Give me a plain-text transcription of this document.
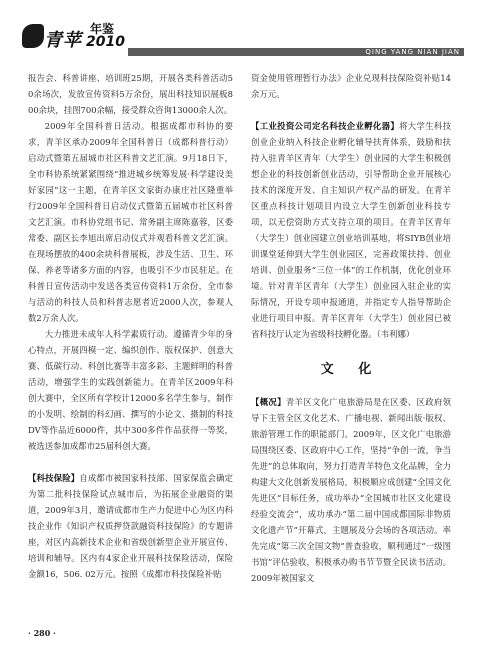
青苹
年鉴
2010
QING YANG NIAN JIAN

报告会、科普讲座、培训班25期，开展各类科普活动50余场次，发放宣传资料5万余份，展出科技知识展板800余块，挂图700余幅，接受群众咨询13000余人次。

2009年全国科普日活动。根据成都市科协的要求，青羊区承办2009年全国科普日（成都科普行动）启动式暨第五届城市社区科普文艺汇演。9月18日下，全市科协系统紧紧围绕“推进城乡统筹发展·科学建设美好家园”这一主题，在青羊区文家街办康庄社区隆重举行2009年全国科普日启动仪式暨第五届城市社区科普文艺汇演。市科协党组书记、常务副主席陈嘉蓉，区委常委、副区长李旭出席启动仪式并观看科普文艺汇演。在现场摆放的400余块科普展板，涉及生活、卫生、环保、养老等诸多方面的内容，也吸引不少市民驻足。在科普日宣传活动中发送各类宣传资料1万余份，全市参与活动的科技人员和科普志愿者近2000人次，参观人数2万余人次。

大力推进未成年人科学素质行动。遵循青少年的身心特点，开展四模一定、编织创作、版权保护、创意大赛、低碳行动、科创比赛等丰富多彩、主题鲜明的科普活动，增强学生的实践创新能力。在青羊区2009年科创大赛中，全区所有学校计12000多名学生参与，制作的小发明、绘制的科幻画、撰写的小论文、摄制的科技DV等作品近6000件，其中300多件作品获得一等奖，被选送参加成都市25届科创大赛。

【科技保险】自成都市被国家科技部、国家保监会确定为第二批科技保险试点城市后，为拓展企业融资的渠道，2009年3月，邀请成都市生产力促进中心为区内科技企业作《知识产权质押贷款融资科技保险》的专题讲座，对区内高新技术企业和省级创新型企业开展宣传、培训和辅导。区内有4家企业开展科技保险活动，保险金额16，506. 02万元。按照《成都市科技保险补贴

资金使用管理暂行办法》企业兑现科技保险资补贴14余万元。

【工业投资公司定名科技企业孵化器】将大学生科技创业企业纳入科技企业孵化辅导扶育体系，鼓励和扶持入驻青羊区青年（大学生）创业园的大学生积极创想企业的科技创新创业活动，引导帮助企业开展核心技术的深度开发、自主知识产权产品的研发。在青羊区重点科技计划项目内设立大学生创新创业科技专项，以无偿资助方式支持立项的项目。在青羊区青年（大学生）创业园建立创业培训基地，将SIYB创业培训课堂延伸到大学生创业园区，完善政策扶持、创业培训、创业服务“三位一体”的工作机制，优化创业环境。针对青羊区青年（大学生）创业园入驻企业的实际情况，开设专项申报通道，并指定专人指导帮助企业进行项目申报。青羊区青年（大学生）创业园已被省科技厅认定为省级科技孵化器。（韦利娜）

文 化

【概况】青羊区文化广电旅游局是在区委、区政府领导下主管全区文化艺术、广播电视、新闻出版·版权、旅游管理工作的职能部门。2009年，区文化广电旅游局围绕区委、区政府中心工作，坚持“争创一流，争当先进”的总体取向，努力打造青羊特色文化品牌，全力构建大文化创新发展格局，积极顺应成创建“全国文化先进区”目标任务，成功举办“全国城市社区文化建设经验交流会”，成功承办“第二届中国成都国际非物质文化遗产节”开幕式，主题展及分会场的各项活动。率先完成“第三次全国文物”普查验收，顺利通过“一级图书馆”评估验收，积极承办购书节节暨全民读书活动。2009年被国家文

· 280 ·
